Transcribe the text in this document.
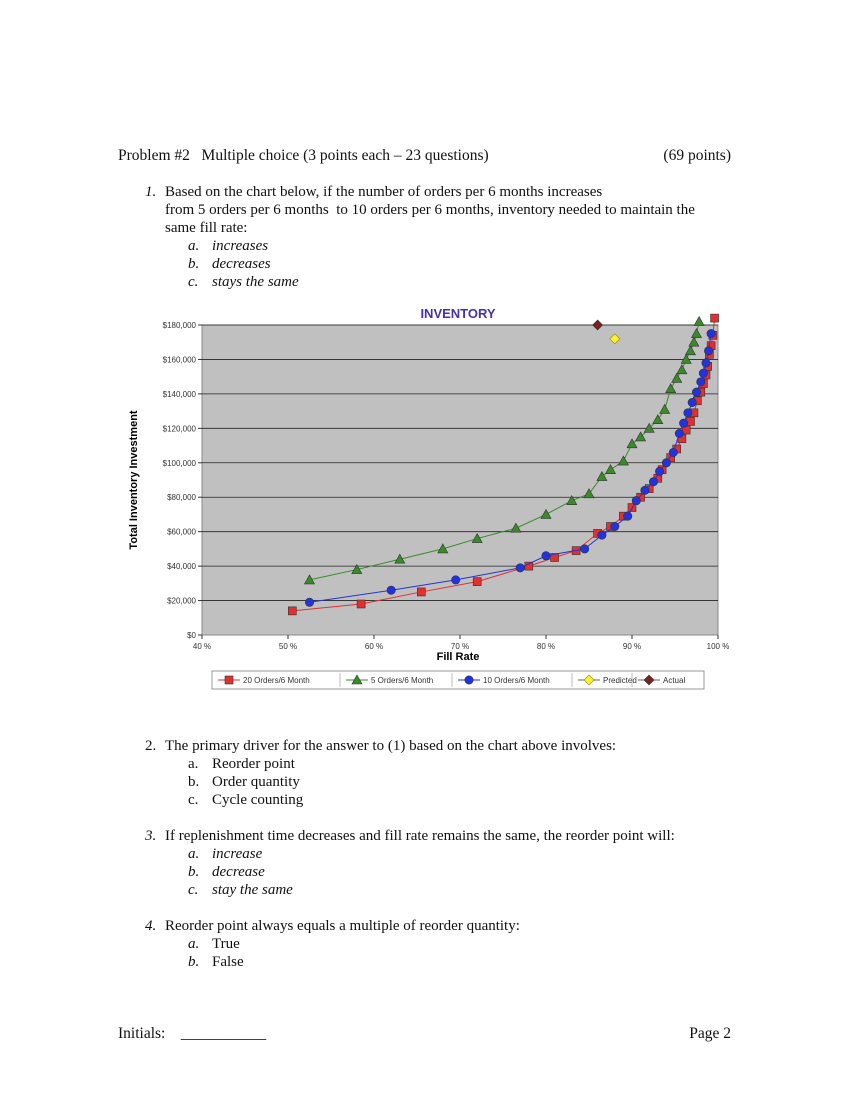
Problem #2 Multiple choice (3 points each – 23 questions)	(69 points)
1. Based on the chart below, if the number of orders per 6 months increases
from 5 orders per 6 months  to 10 orders per 6 months, inventory needed to maintain the
same fill rate:
a. increases
b. decreases
c. stays the same
INVENTORY
$0
$20,000
$40,000
$60,000
$80,000
$100,000
$120,000
$140,000
$160,000
$180,000
40 %	50 %	60 %	70 %	80 %	90 %	100 %
Total Inventory Investment
Fill Rate
20 Orders/6 Month	5 Orders/6 Month	10 Orders/6 Month	Predicted	Actual
2. The primary driver for the answer to (1) based on the chart above involves:
a. Reorder point
b. Order quantity
c. Cycle counting
3. If replenishment time decreases and fill rate remains the same, the reorder point will:
a. increase
b. decrease
c. stay the same
4. Reorder point always equals a multiple of reorder quantity:
a. True
b. False
Initials: ___________	Page 2
